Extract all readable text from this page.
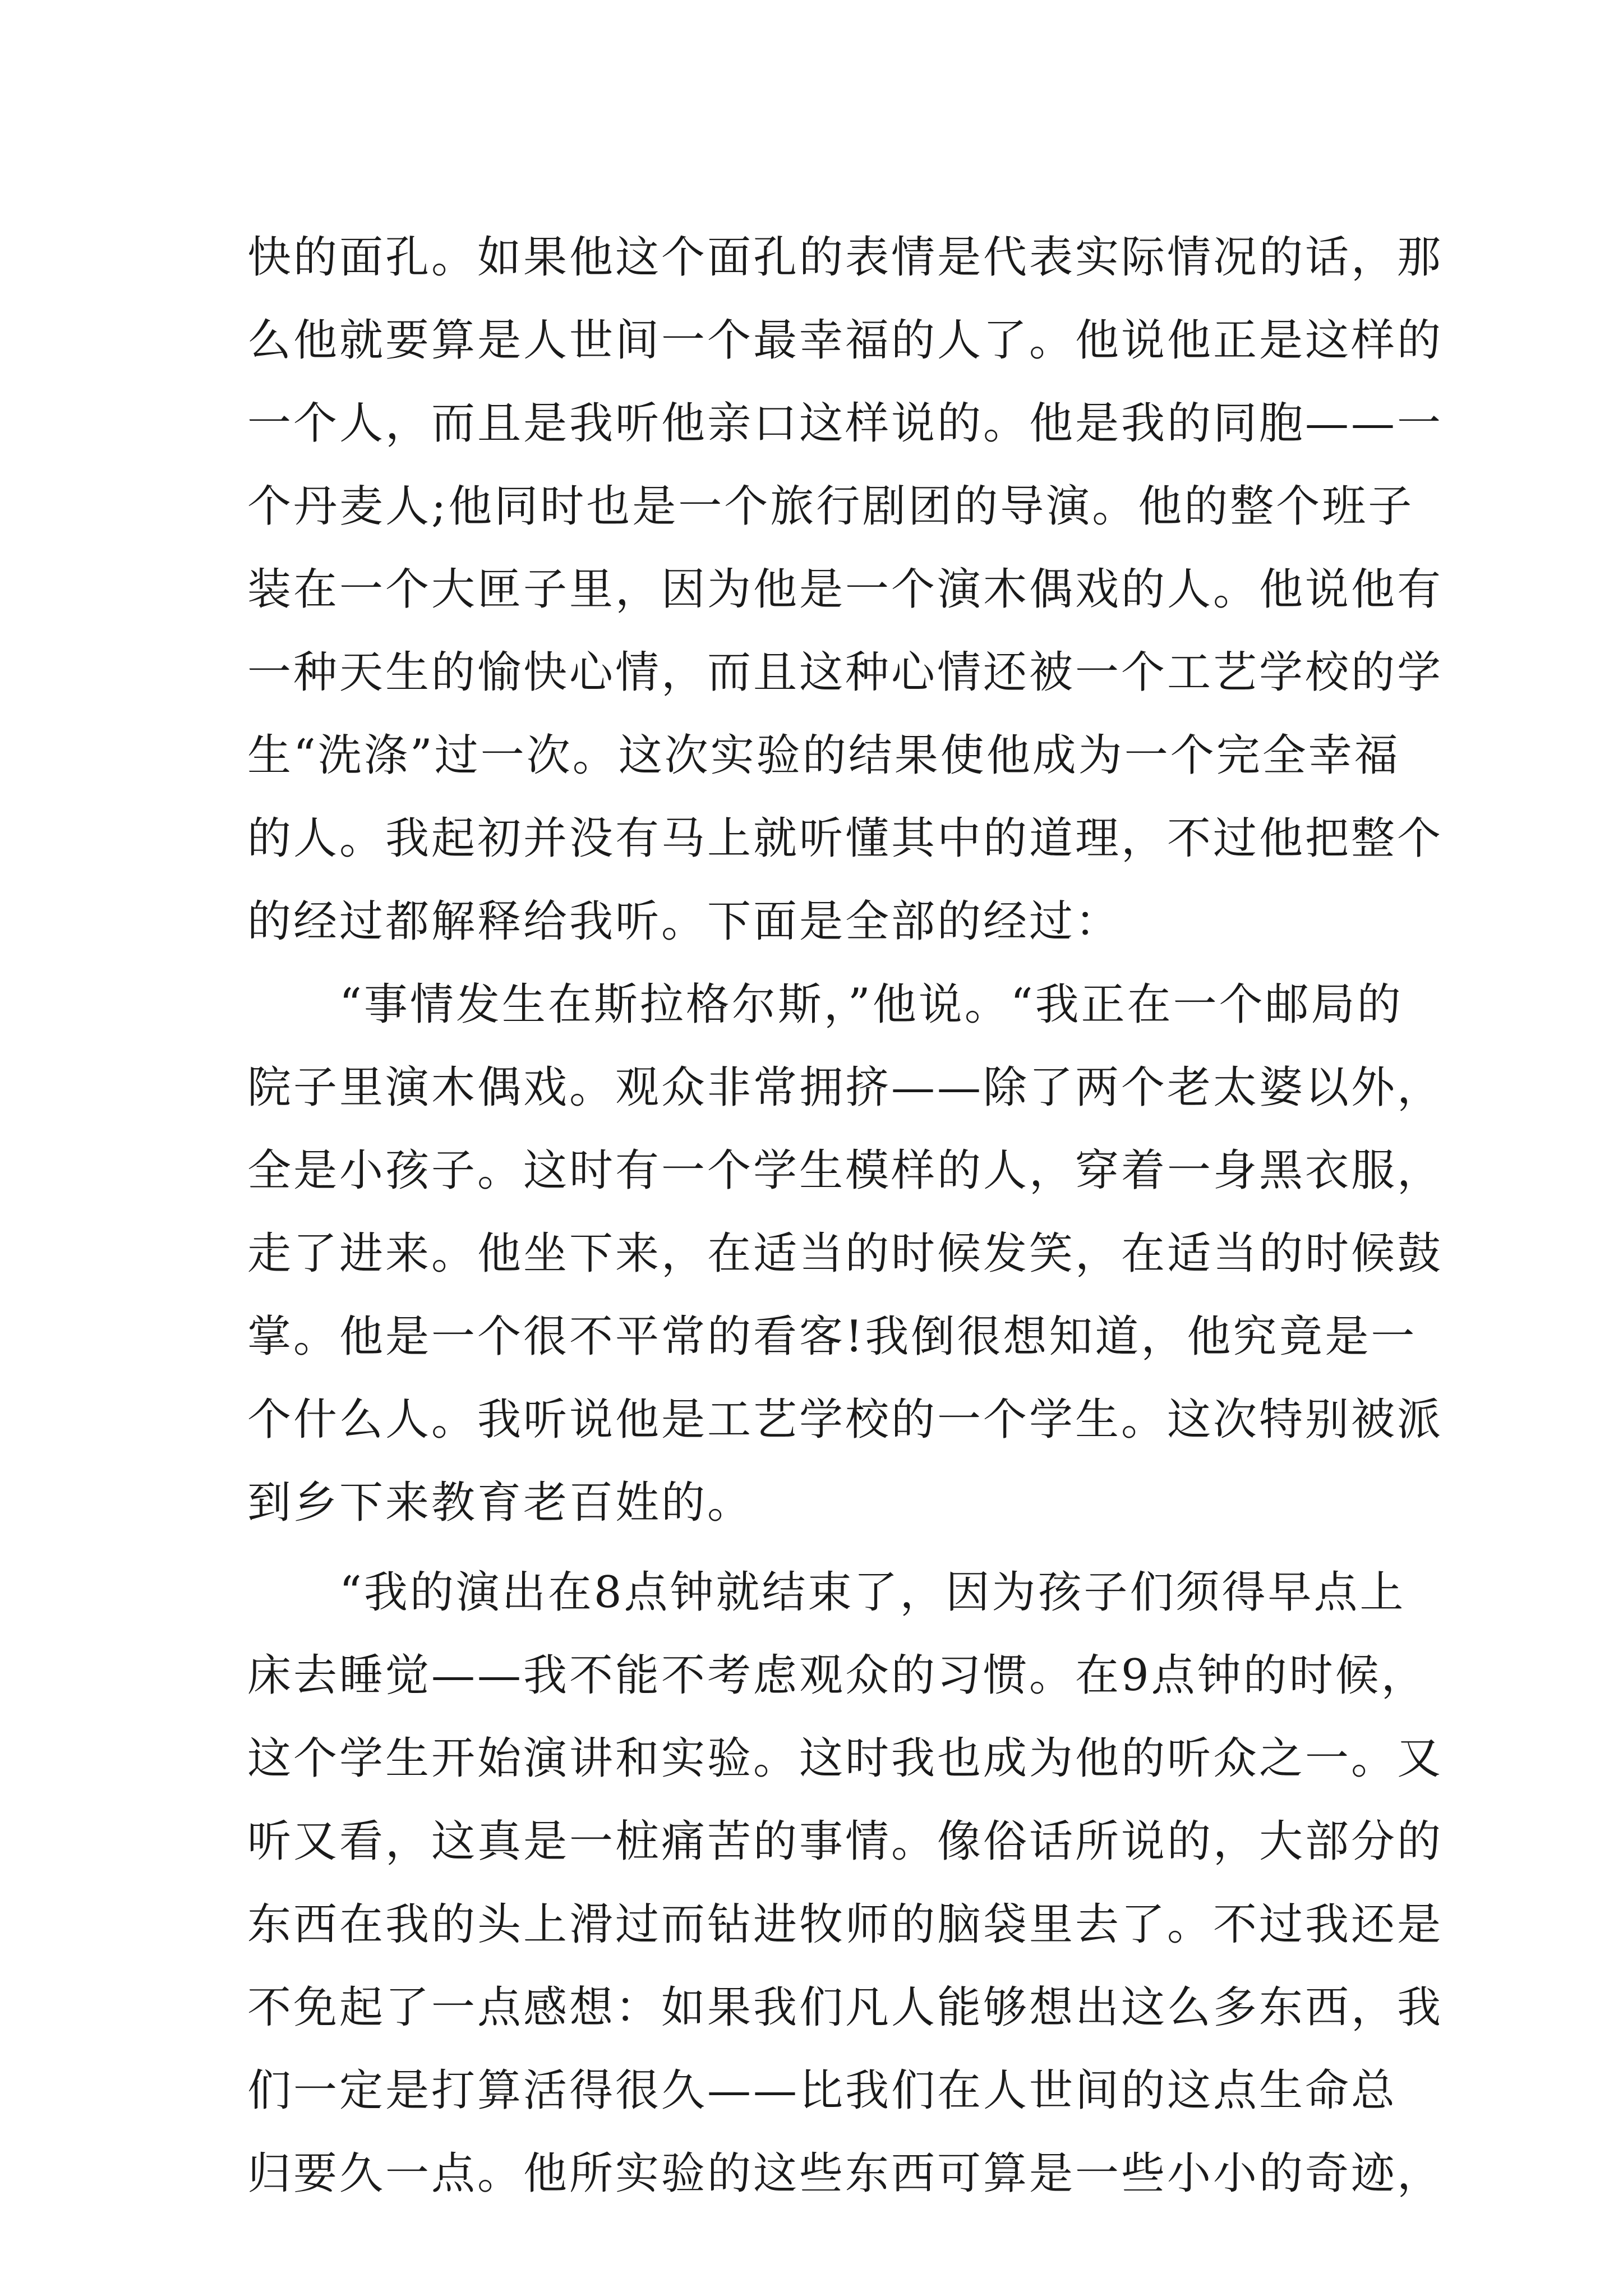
快的面孔。如果他这个面孔的表情是代表实际情况的话，那
么他就要算是人世间一个最幸福的人了。他说他正是这样的
一个人，而且是我听他亲口这样说的。他是我的同胞——一
个丹麦人;他同时也是一个旅行剧团的导演。他的整个班子
装在一个大匣子里，因为他是一个演木偶戏的人。他说他有
一种天生的愉快心情，而且这种心情还被一个工艺学校的学
生“洗涤”过一次。这次实验的结果使他成为一个完全幸福
的人。我起初并没有马上就听懂其中的道理，不过他把整个
的经过都解释给我听。下面是全部的经过：
“事情发生在斯拉格尔斯，”他说。“我正在一个邮局的
院子里演木偶戏。观众非常拥挤——除了两个老太婆以外，
全是小孩子。这时有一个学生模样的人，穿着一身黑衣服，
走了进来。他坐下来，在适当的时候发笑，在适当的时候鼓
掌。他是一个很不平常的看客!我倒很想知道，他究竟是一
个什么人。我听说他是工艺学校的一个学生。这次特别被派
到乡下来教育老百姓的。
“我的演出在8点钟就结束了，因为孩子们须得早点上
床去睡觉——我不能不考虑观众的习惯。在9点钟的时候，
这个学生开始演讲和实验。这时我也成为他的听众之一。又
听又看，这真是一桩痛苦的事情。像俗话所说的，大部分的
东西在我的头上滑过而钻进牧师的脑袋里去了。不过我还是
不免起了一点感想：如果我们凡人能够想出这么多东西，我
们一定是打算活得很久——比我们在人世间的这点生命总
归要久一点。他所实验的这些东西可算是一些小小的奇迹，
